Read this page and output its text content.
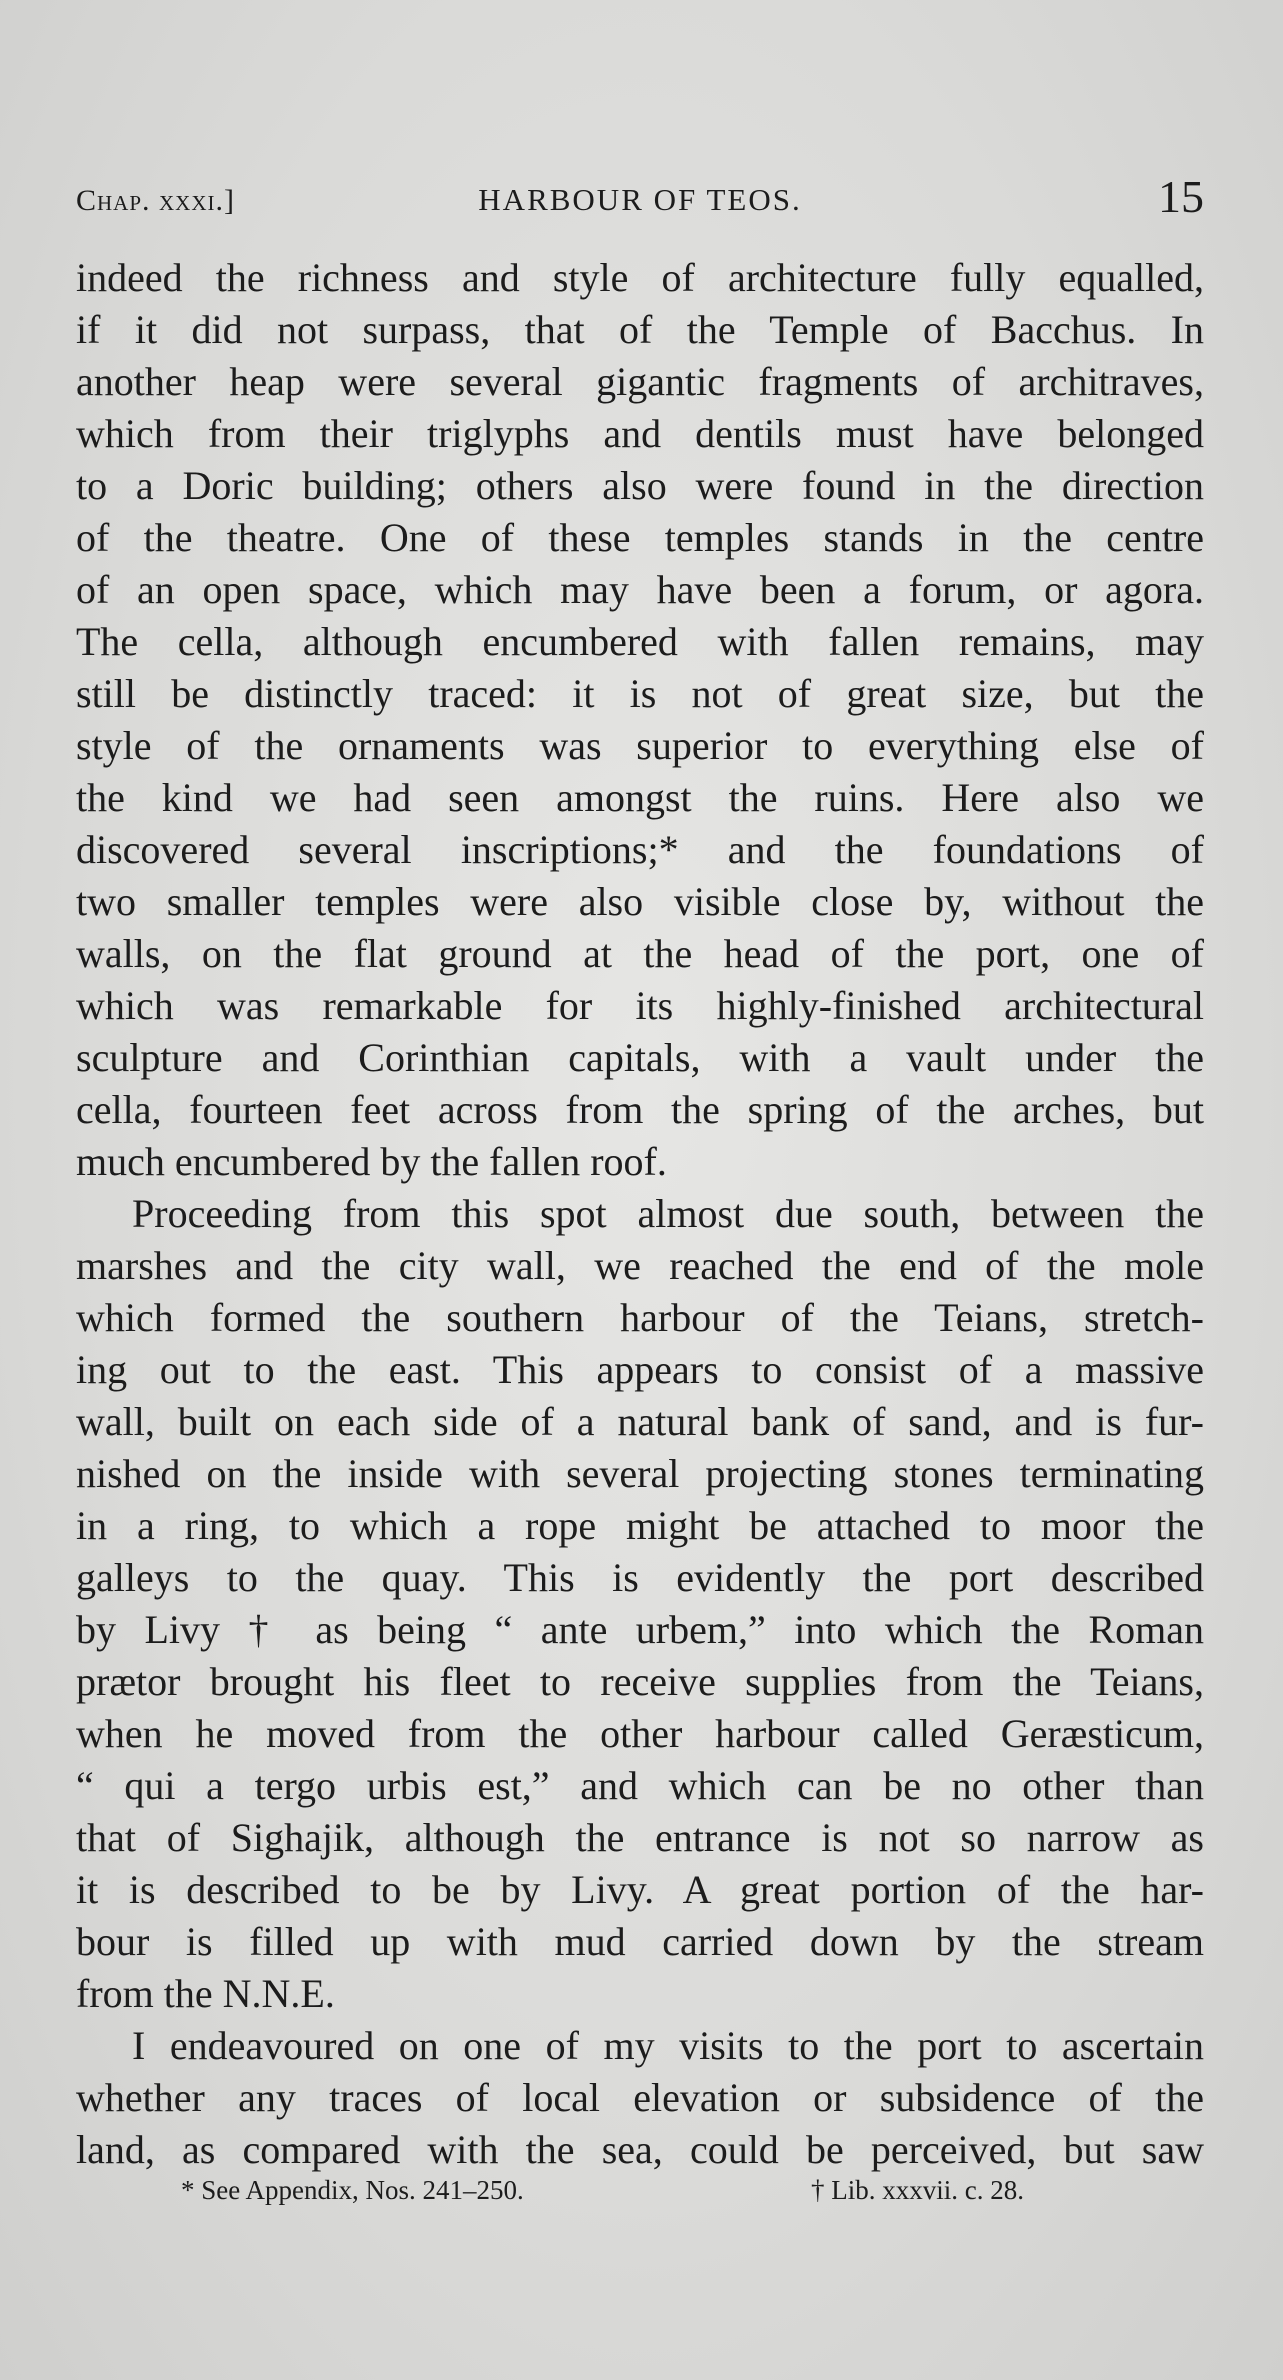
Chap. xxxi.]	HARBOUR OF TEOS.	15
indeed the richness and style of architecture fully equalled,
if it did not surpass, that of the Temple of Bacchus. In
another heap were several gigantic fragments of architraves,
which from their triglyphs and dentils must have belonged
to a Doric building; others also were found in the direction
of the theatre. One of these temples stands in the centre
of an open space, which may have been a forum, or agora.
The cella, although encumbered with fallen remains, may
still be distinctly traced: it is not of great size, but the
style of the ornaments was superior to everything else of
the kind we had seen amongst the ruins. Here also we
discovered several inscriptions;* and the foundations of
two smaller temples were also visible close by, without the
walls, on the flat ground at the head of the port, one of
which was remarkable for its highly-finished architectural
sculpture and Corinthian capitals, with a vault under the
cella, fourteen feet across from the spring of the arches, but
much encumbered by the fallen roof.
Proceeding from this spot almost due south, between the
marshes and the city wall, we reached the end of the mole
which formed the southern harbour of the Teians, stretch-
ing out to the east. This appears to consist of a massive
wall, built on each side of a natural bank of sand, and is fur-
nished on the inside with several projecting stones terminating
in a ring, to which a rope might be attached to moor the
galleys to the quay. This is evidently the port described
by Livy † as being “ ante urbem,” into which the Roman
prætor brought his fleet to receive supplies from the Teians,
when he moved from the other harbour called Geræsticum,
“ qui a tergo urbis est,” and which can be no other than
that of Sighajik, although the entrance is not so narrow as
it is described to be by Livy. A great portion of the har-
bour is filled up with mud carried down by the stream
from the N.N.E.
I endeavoured on one of my visits to the port to ascertain
whether any traces of local elevation or subsidence of the
land, as compared with the sea, could be perceived, but saw
* See Appendix, Nos. 241–250.	† Lib. xxxvii. c. 28.
